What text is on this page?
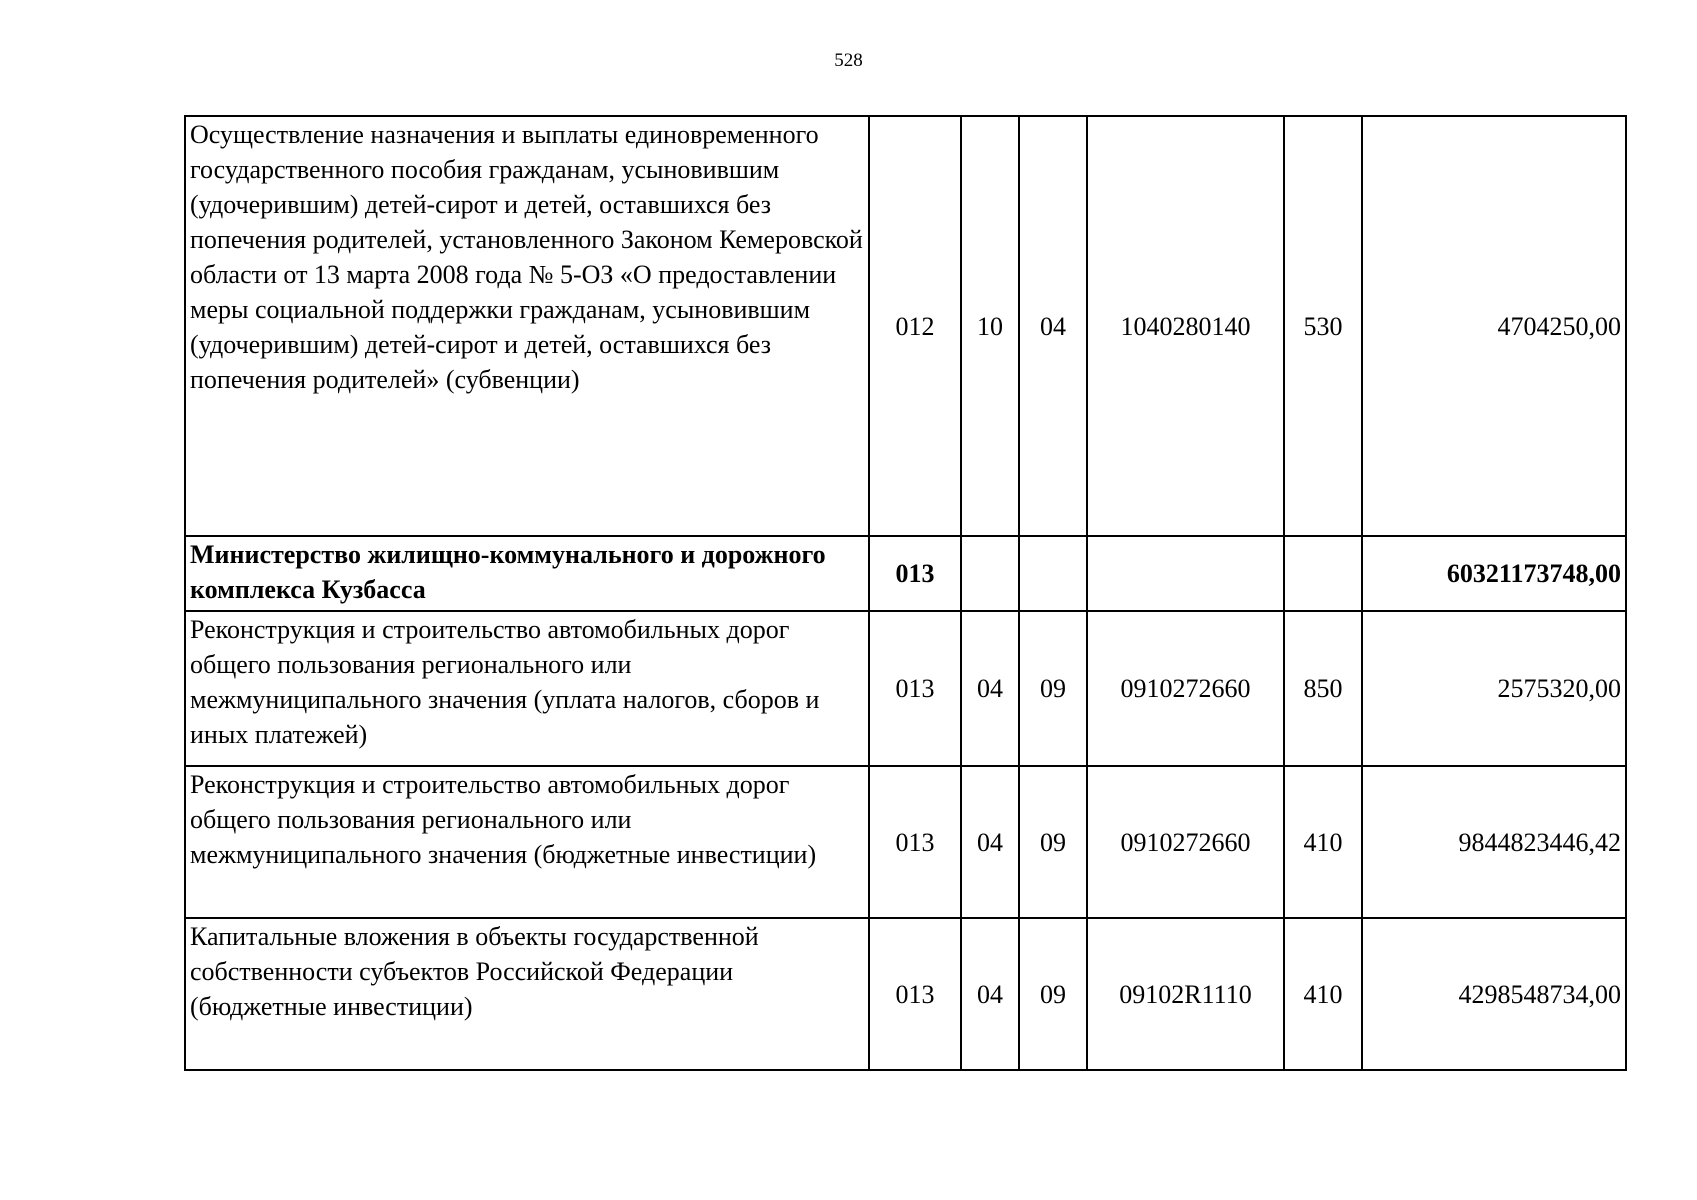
528
Осуществление назначения и выплаты единовременного государственного пособия гражданам, усыновившим (удочерившим) детей-сирот и детей, оставшихся без попечения родителей, установленного Законом Кемеровской области от 13 марта 2008 года № 5-ОЗ «О предоставлении меры социальной поддержки гражданам, усыновившим (удочерившим) детей-сирот и детей, оставшихся без попечения родителей» (субвенции)	012	10	04	1040280140	530	4704250,00
Министерство жилищно-коммунального и дорожного комплекса Кузбасса	013					60321173748,00
Реконструкция и строительство автомобильных дорог общего пользования регионального или межмуниципального значения (уплата налогов, сборов и иных платежей)	013	04	09	0910272660	850	2575320,00
Реконструкция и строительство автомобильных дорог общего пользования регионального или межмуниципального значения (бюджетные инвестиции)	013	04	09	0910272660	410	9844823446,42
Капитальные вложения в объекты государственной собственности субъектов Российской Федерации (бюджетные инвестиции)	013	04	09	09102R1110	410	4298548734,00
